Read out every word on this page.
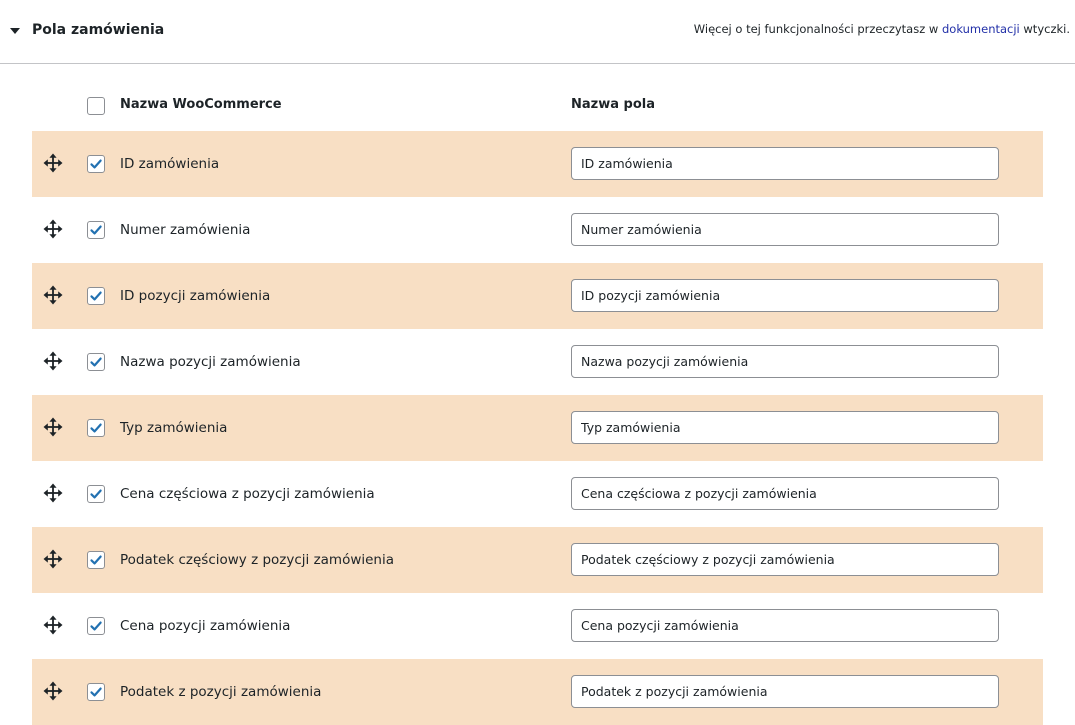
Pola zamówienia	Więcej o tej funkcjonalności przeczytasz w dokumentacji wtyczki.
Nazwa WooCommerce	Nazwa pola
ID zamówienia
ID zamówienia
Numer zamówienia
Numer zamówienia
ID pozycji zamówienia
ID pozycji zamówienia
Nazwa pozycji zamówienia
Nazwa pozycji zamówienia
Typ zamówienia
Typ zamówienia
Cena częściowa z pozycji zamówienia
Cena częściowa z pozycji zamówienia
Podatek częściowy z pozycji zamówienia
Podatek częściowy z pozycji zamówienia
Cena pozycji zamówienia
Cena pozycji zamówienia
Podatek z pozycji zamówienia
Podatek z pozycji zamówienia
